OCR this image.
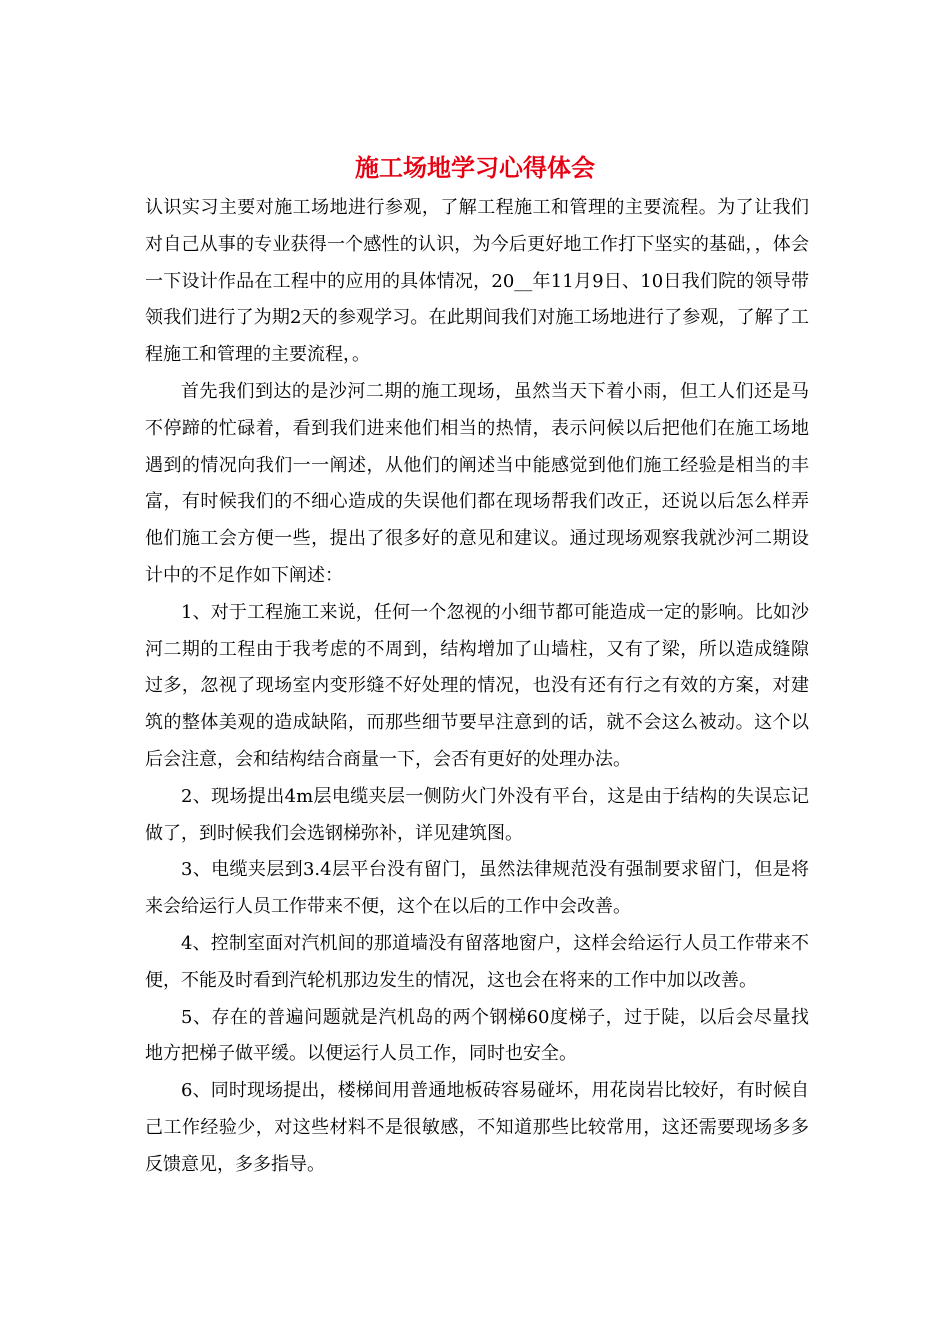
施工场地学习心得体会

认识实习主要对施工场地进行参观，了解工程施工和管理的主要流程。为了让我们对自己从事的专业获得一个感性的认识，为今后更好地工作打下坚实的基础，，体会一下设计作品在工程中的应用的具体情况，20__年11月9日、10日我们院的领导带领我们进行了为期2天的参观学习。在此期间我们对施工场地进行了参观，了解了工程施工和管理的主要流程，。

首先我们到达的是沙河二期的施工现场，虽然当天下着小雨，但工人们还是马不停蹄的忙碌着，看到我们进来他们相当的热情，表示问候以后把他们在施工场地遇到的情况向我们一一阐述，从他们的阐述当中能感觉到他们施工经验是相当的丰富，有时候我们的不细心造成的失误他们都在现场帮我们改正，还说以后怎么样弄他们施工会方便一些，提出了很多好的意见和建议。通过现场观察我就沙河二期设计中的不足作如下阐述：

1、对于工程施工来说，任何一个忽视的小细节都可能造成一定的影响。比如沙河二期的工程由于我考虑的不周到，结构增加了山墙柱，又有了梁，所以造成缝隙过多，忽视了现场室内变形缝不好处理的情况，也没有还有行之有效的方案，对建筑的整体美观的造成缺陷，而那些细节要早注意到的话，就不会这么被动。这个以后会注意，会和结构结合商量一下，会否有更好的处理办法。

2、现场提出4m层电缆夹层一侧防火门外没有平台，这是由于结构的失误忘记做了，到时候我们会选钢梯弥补，详见建筑图。

3、电缆夹层到3.4层平台没有留门，虽然法律规范没有强制要求留门，但是将来会给运行人员工作带来不便，这个在以后的工作中会改善。

4、控制室面对汽机间的那道墙没有留落地窗户，这样会给运行人员工作带来不便，不能及时看到汽轮机那边发生的情况，这也会在将来的工作中加以改善。

5、存在的普遍问题就是汽机岛的两个钢梯60度梯子，过于陡，以后会尽量找地方把梯子做平缓。以便运行人员工作，同时也安全。

6、同时现场提出，楼梯间用普通地板砖容易碰坏，用花岗岩比较好，有时候自己工作经验少，对这些材料不是很敏感，不知道那些比较常用，这还需要现场多多反馈意见，多多指导。
